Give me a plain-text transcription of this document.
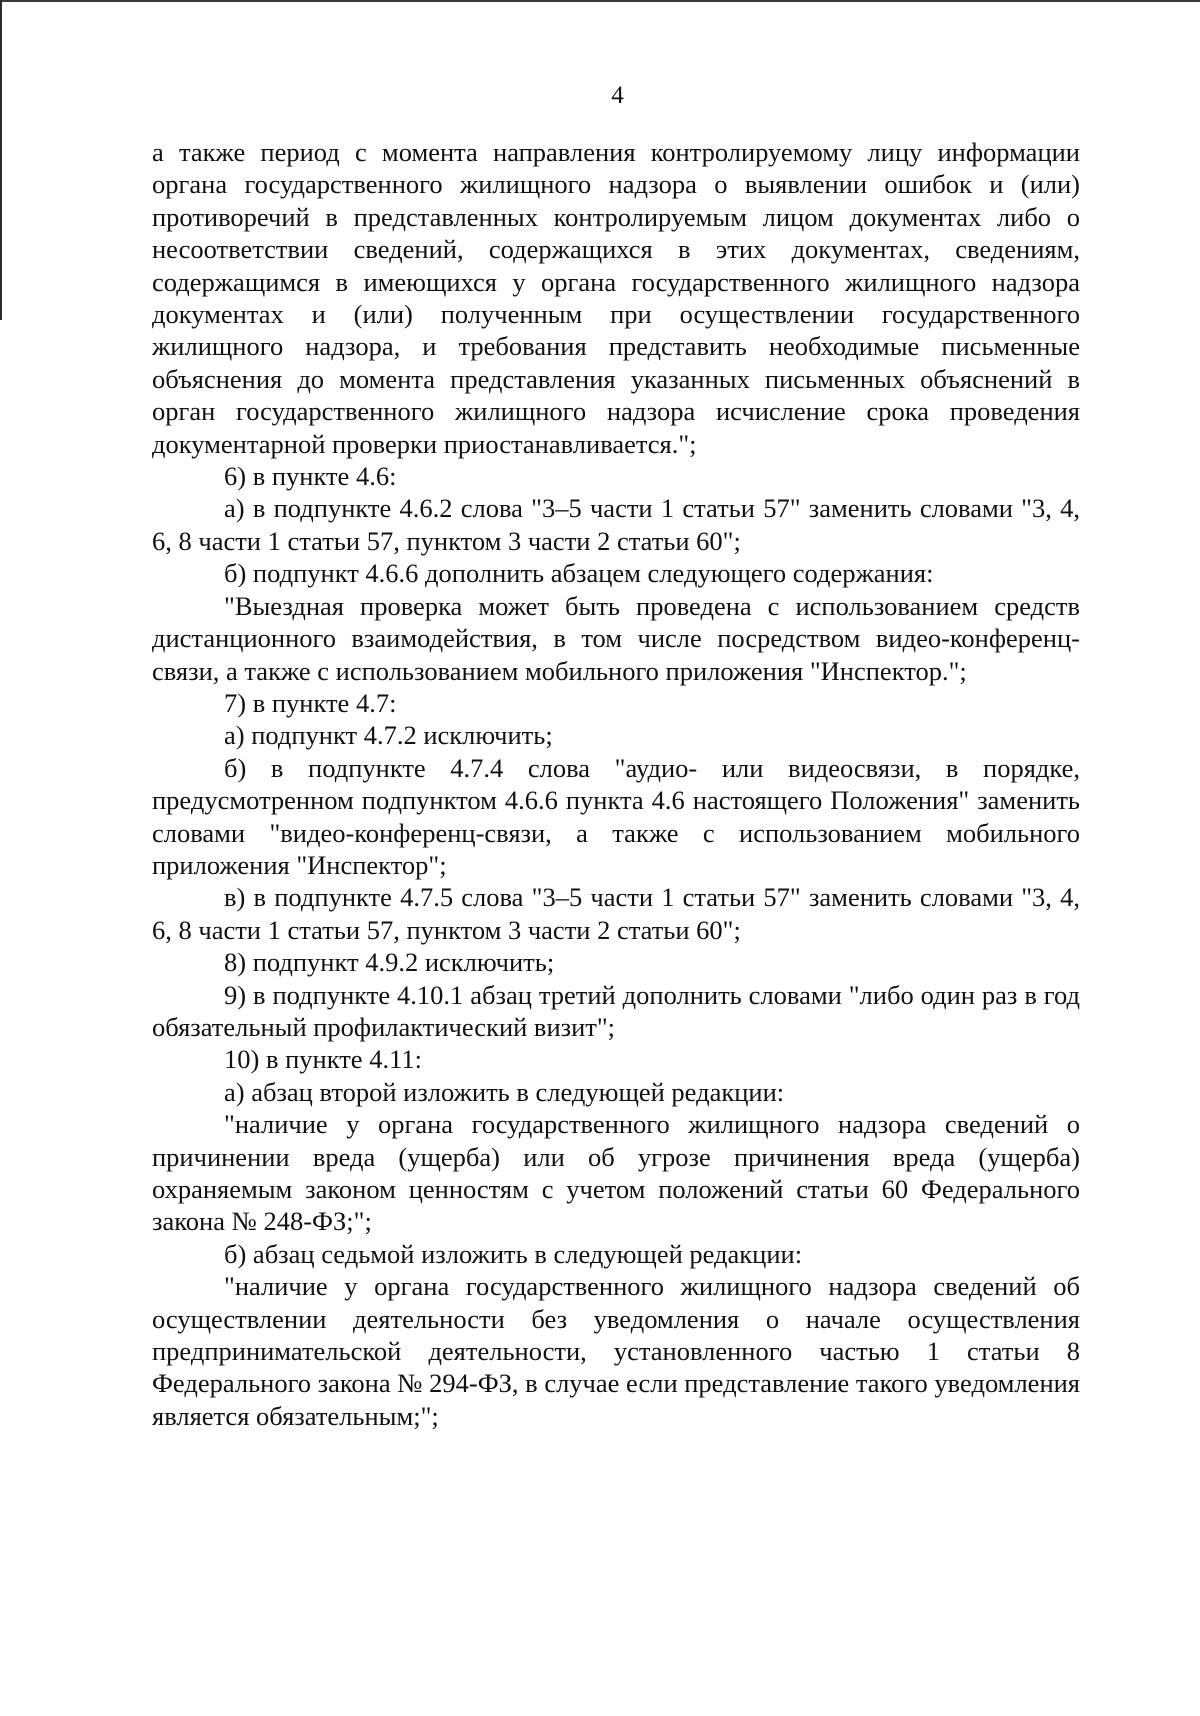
4

а также период с момента направления контролируемому лицу информации органа государственного жилищного надзора о выявлении ошибок и (или) противоречий в представленных контролируемым лицом документах либо о несоответствии сведений, содержащихся в этих документах, сведениям, содержащимся в имеющихся у органа государственного жилищного надзора документах и (или) полученным при осуществлении государственного жилищного надзора, и требования представить необходимые письменные объяснения до момента представления указанных письменных объяснений в орган государственного жилищного надзора исчисление срока проведения документарной проверки приостанавливается.";

6) в пункте 4.6:

а) в подпункте 4.6.2 слова "3–5 части 1 статьи 57" заменить словами "3, 4, 6, 8 части 1 статьи 57, пунктом 3 части 2 статьи 60";

б) подпункт 4.6.6 дополнить абзацем следующего содержания:

"Выездная проверка может быть проведена с использованием средств дистанционного взаимодействия, в том числе посредством видео-конференц-связи, а также с использованием мобильного приложения "Инспектор.";

7) в пункте 4.7:

а) подпункт 4.7.2 исключить;

б) в подпункте 4.7.4 слова "аудио- или видеосвязи, в порядке, предусмотренном подпунктом 4.6.6 пункта 4.6 настоящего Положения" заменить словами "видео-конференц-связи, а также с использованием мобильного приложения "Инспектор";

в) в подпункте 4.7.5 слова "3–5 части 1 статьи 57" заменить словами "3, 4, 6, 8 части 1 статьи 57, пунктом 3 части 2 статьи 60";

8) подпункт 4.9.2 исключить;

9) в подпункте 4.10.1 абзац третий дополнить словами "либо один раз в год обязательный профилактический визит";

10) в пункте 4.11:

а) абзац второй изложить в следующей редакции:

"наличие у органа государственного жилищного надзора сведений о причинении вреда (ущерба) или об угрозе причинения вреда (ущерба) охраняемым законом ценностям с учетом положений статьи 60 Федерального закона № 248-ФЗ;";

б) абзац седьмой изложить в следующей редакции:

"наличие у органа государственного жилищного надзора сведений об осуществлении деятельности без уведомления о начале осуществления предпринимательской деятельности, установленного частью 1 статьи 8 Федерального закона № 294-ФЗ, в случае если представление такого уведомления является обязательным;";
